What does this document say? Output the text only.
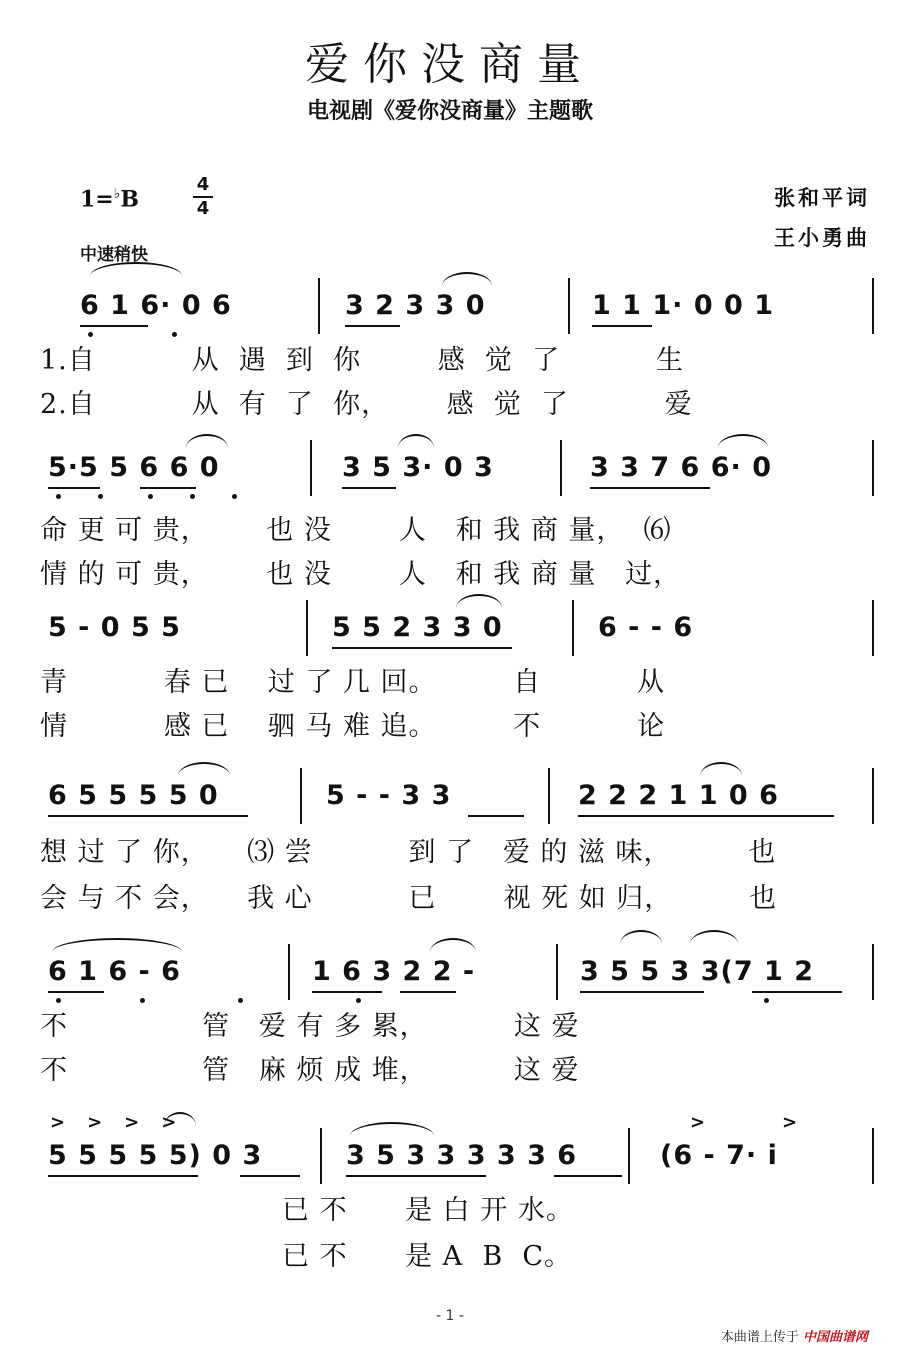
爱你没商量
电视剧《爱你没商量》主题歌
1=♭B
4
4
中速稍快
张和平词
王小勇曲
6 1 6· 0 6	3 2 3 3 0	1 1 1· 0 0 1
1.自          从  遇  到  你        感  觉  了          生
2.自          从  有  了  你，      感  觉  了          爱
5·5 5 6 6 0	3 5 3· 0 3	3 3 7 6 6· 0
命 更 可 贵，      也 没       人   和 我 商 量，  ⑹
情 的 可 贵，      也 没       人   和 我 商 量   过，
5 - 0 5 5	5 5 2 3 3 0	6 - - 6
青          春 已    过 了 几 回。        自          从
情          感 已    驷 马 难 追。        不          论
6 5 5 5 5 0	5 - - 3 3	2 2 2 1 1 0 6
想 过 了 你，    ⑶ 尝          到 了   爱 的 滋 味，        也
会 与 不 会，    我 心          已       视 死 如 归，        也
6 1 6 - 6	1 6 3 2 2 -	3 5 5 3 3(7 1 2
不              管   爱 有 多 累，         这 爱
不              管   麻 烦 成 堆，         这 爱
>>>>	>	>
5 5 5 5 5) 0 3	3 5 3 3 3 3 3 6	(6 - 7· i
已 不      是 白 开 水。
已 不      是 A  B  C。
- 1 -
本曲谱上传于 中国曲谱网
